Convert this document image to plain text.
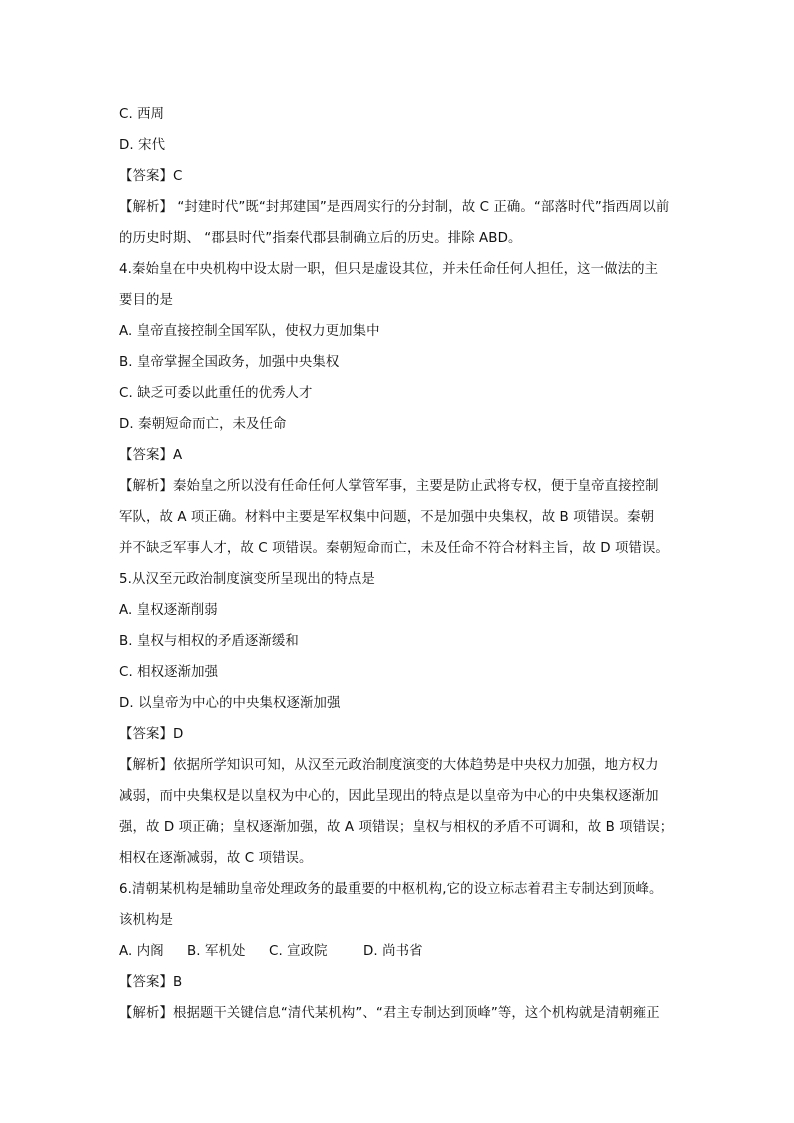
C. 西周
D. 宋代
【答案】C
【解析】 “封建时代”既“封邦建国”是西周实行的分封制，故 C 正确。“部落时代”指西周以前
的历史时期、 “郡县时代”指秦代郡县制确立后的历史。排除 ABD。
4.秦始皇在中央机构中设太尉一职，但只是虚设其位，并未任命任何人担任，这一做法的主
要目的是
A. 皇帝直接控制全国军队，使权力更加集中
B. 皇帝掌握全国政务，加强中央集权
C. 缺乏可委以此重任的优秀人才
D. 秦朝短命而亡，未及任命
【答案】A
【解析】秦始皇之所以没有任命任何人掌管军事，主要是防止武将专权，便于皇帝直接控制
军队，故 A 项正确。材料中主要是军权集中问题，不是加强中央集权，故 B 项错误。秦朝
并不缺乏军事人才，故 C 项错误。秦朝短命而亡，未及任命不符合材料主旨，故 D 项错误。
5.从汉至元政治制度演变所呈现出的特点是
A. 皇权逐渐削弱
B. 皇权与相权的矛盾逐渐缓和
C. 相权逐渐加强
D. 以皇帝为中心的中央集权逐渐加强
【答案】D
【解析】依据所学知识可知，从汉至元政治制度演变的大体趋势是中央权力加强，地方权力
减弱，而中央集权是以皇权为中心的，因此呈现出的特点是以皇帝为中心的中央集权逐渐加
强，故 D 项正确；皇权逐渐加强，故 A 项错误；皇权与相权的矛盾不可调和，故 B 项错误；
相权在逐渐减弱，故 C 项错误。
6.清朝某机构是辅助皇帝处理政务的最重要的中枢机构,它的设立标志着君主专制达到顶峰。
该机构是
A. 内阁 B. 军机处 C. 宣政院	D. 尚书省
【答案】B
【解析】根据题干关键信息“清代某机构”、“君主专制达到顶峰”等，这个机构就是清朝雍正
